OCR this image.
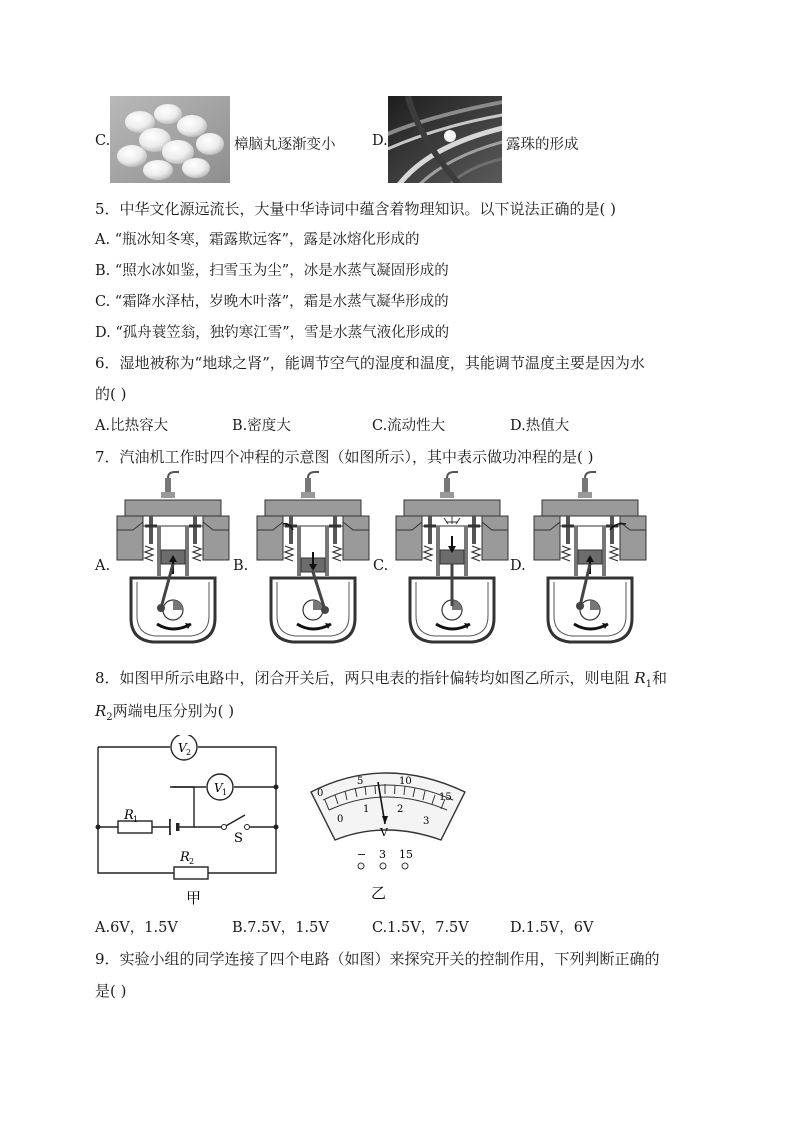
C.	樟脑丸逐渐变小	D.	露珠的形成
5．中华文化源远流长，大量中华诗词中蕴含着物理知识。以下说法正确的是( )
A. “瓶冰知冬寒，霜露欺远客”，露是冰熔化形成的
B. “照水冰如鉴，扫雪玉为尘”，冰是水蒸气凝固形成的
C. “霜降水泽枯，岁晚木叶落”，霜是水蒸气凝华形成的
D. “孤舟蓑笠翁，独钓寒江雪”，雪是水蒸气液化形成的
6．湿地被称为“地球之肾”，能调节空气的湿度和温度，其能调节温度主要是因为水
的( )
A.比热容大	B.密度大	C.流动性大	D.热值大
7．汽油机工作时四个冲程的示意图（如图所示），其中表示做功冲程的是( )
A.	B.	C.	D.
8．如图甲所示电路中，闭合开关后，两只电表的指针偏转均如图乙所示，则电阻 $R_1$和
$R_2$两端电压分别为( )
V 2
V 1
R 1
R 2
S
甲
0
5	10
15
0
1	2
3
V
− 3 15
乙
A.6V，1.5V	B.7.5V，1.5V	C.1.5V，7.5V	D.1.5V，6V
9．实验小组的同学连接了四个电路（如图）来探究开关的控制作用，下列判断正确的
是( )
